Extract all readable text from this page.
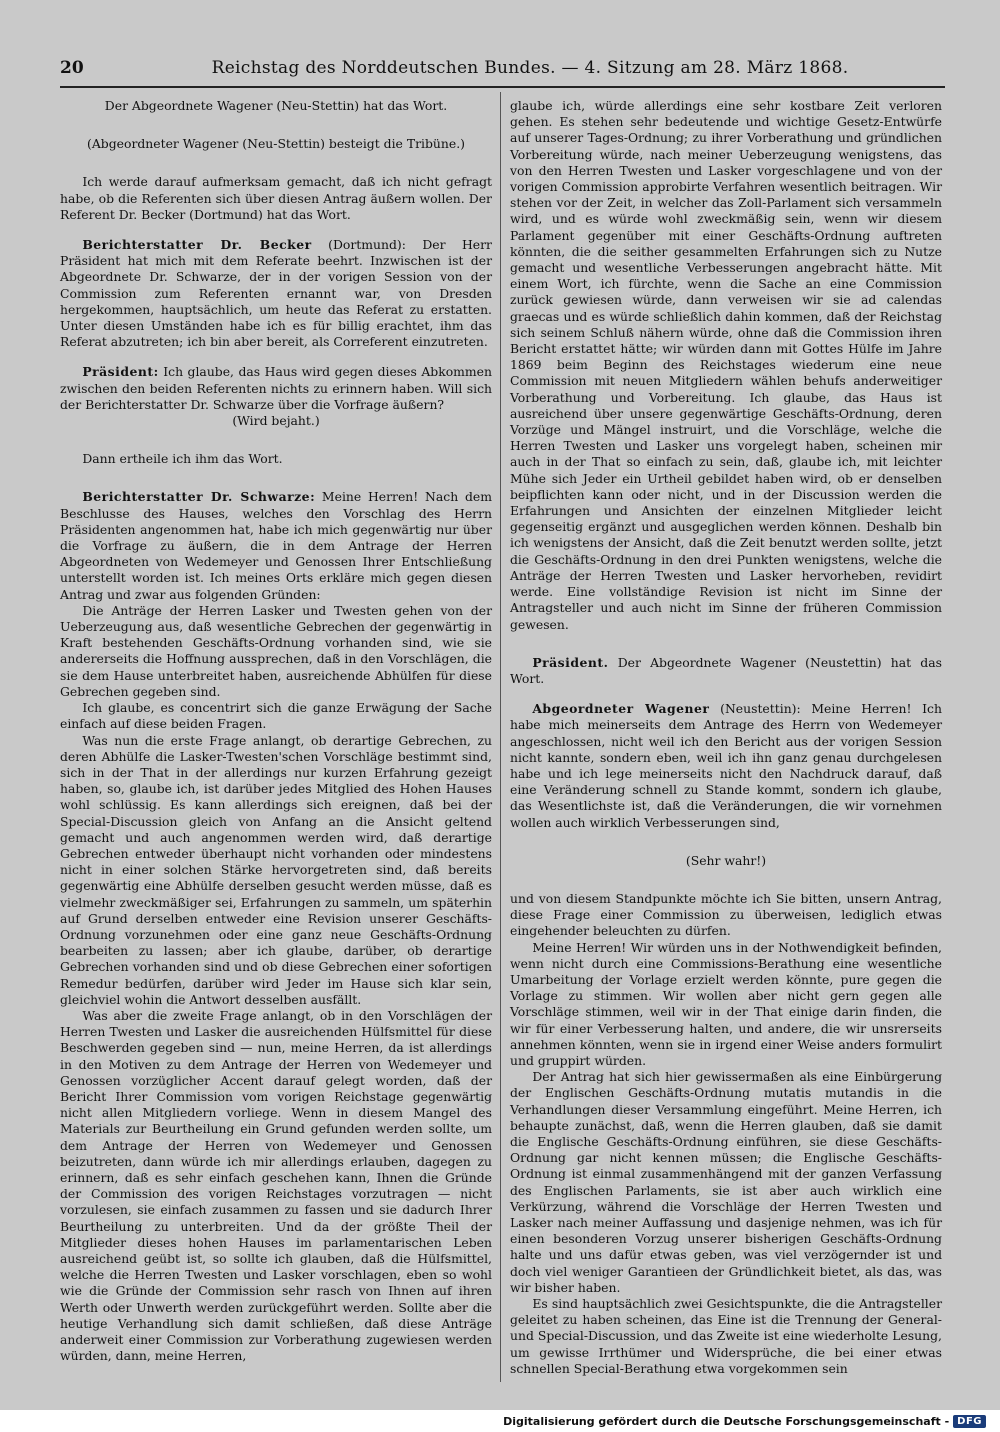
20	Reichstag des Norddeutschen Bundes. — 4. Sitzung am 28. März 1868.

Der Abgeordnete Wagener (Neu-Stettin) hat das Wort.

(Abgeordneter Wagener (Neu-Stettin) besteigt die Tribüne.)

Ich werde darauf aufmerksam gemacht, daß ich nicht gefragt habe, ob die Referenten sich über diesen Antrag äußern wollen. Der Referent Dr. Becker (Dortmund) hat das Wort.

Berichterstatter Dr. Becker (Dortmund): Der Herr Präsident hat mich mit dem Referate beehrt. Inzwischen ist der Abgeordnete Dr. Schwarze, der in der vorigen Session von der Commission zum Referenten ernannt war, von Dresden hergekommen, hauptsächlich, um heute das Referat zu erstatten. Unter diesen Umständen habe ich es für billig erachtet, ihm das Referat abzutreten; ich bin aber bereit, als Correferent einzutreten.

Präsident: Ich glaube, das Haus wird gegen dieses Abkommen zwischen den beiden Referenten nichts zu erinnern haben. Will sich der Berichterstatter Dr. Schwarze über die Vorfrage äußern?

(Wird bejaht.)

Dann ertheile ich ihm das Wort.

Berichterstatter Dr. Schwarze: Meine Herren! Nach dem Beschlusse des Hauses, welches den Vorschlag des Herrn Präsidenten angenommen hat, habe ich mich gegenwärtig nur über die Vorfrage zu äußern, die in dem Antrage der Herren Abgeordneten von Wedemeyer und Genossen Ihrer Entschließung unterstellt worden ist. Ich meines Orts erkläre mich gegen diesen Antrag und zwar aus folgenden Gründen:

Die Anträge der Herren Lasker und Twesten gehen von der Ueberzeugung aus, daß wesentliche Gebrechen der gegenwärtig in Kraft bestehenden Geschäfts-Ordnung vorhanden sind, wie sie andererseits die Hoffnung aussprechen, daß in den Vorschlägen, die sie dem Hause unterbreitet haben, ausreichende Abhülfen für diese Gebrechen gegeben sind.

Ich glaube, es concentrirt sich die ganze Erwägung der Sache einfach auf diese beiden Fragen.

Was nun die erste Frage anlangt, ob derartige Gebrechen, zu deren Abhülfe die Lasker-Twesten'schen Vorschläge bestimmt sind, sich in der That in der allerdings nur kurzen Erfahrung gezeigt haben, so, glaube ich, ist darüber jedes Mitglied des Hohen Hauses wohl schlüssig. Es kann allerdings sich ereignen, daß bei der Special-Discussion gleich von Anfang an die Ansicht geltend gemacht und auch angenommen werden wird, daß derartige Gebrechen entweder überhaupt nicht vorhanden oder mindestens nicht in einer solchen Stärke hervorgetreten sind, daß bereits gegenwärtig eine Abhülfe derselben gesucht werden müsse, daß es vielmehr zweckmäßiger sei, Erfahrungen zu sammeln, um späterhin auf Grund derselben entweder eine Revision unserer Geschäfts-Ordnung vorzunehmen oder eine ganz neue Geschäfts-Ordnung bearbeiten zu lassen; aber ich glaube, darüber, ob derartige Gebrechen vorhanden sind und ob diese Gebrechen einer sofortigen Remedur bedürfen, darüber wird Jeder im Hause sich klar sein, gleichviel wohin die Antwort desselben ausfällt.

Was aber die zweite Frage anlangt, ob in den Vorschlägen der Herren Twesten und Lasker die ausreichenden Hülfsmittel für diese Beschwerden gegeben sind — nun, meine Herren, da ist allerdings in den Motiven zu dem Antrage der Herren von Wedemeyer und Genossen vorzüglicher Accent darauf gelegt worden, daß der Bericht Ihrer Commission vom vorigen Reichstage gegenwärtig nicht allen Mitgliedern vorliege. Wenn in diesem Mangel des Materials zur Beurtheilung ein Grund gefunden werden sollte, um dem Antrage der Herren von Wedemeyer und Genossen beizutreten, dann würde ich mir allerdings erlauben, dagegen zu erinnern, daß es sehr einfach geschehen kann, Ihnen die Gründe der Commission des vorigen Reichstages vorzutragen — nicht vorzulesen, sie einfach zusammen zu fassen und sie dadurch Ihrer Beurtheilung zu unterbreiten. Und da der größte Theil der Mitglieder dieses hohen Hauses im parlamentarischen Leben ausreichend geübt ist, so sollte ich glauben, daß die Hülfsmittel, welche die Herren Twesten und Lasker vorschlagen, eben so wohl wie die Gründe der Commission sehr rasch von Ihnen auf ihren Werth oder Unwerth werden zurückgeführt werden. Sollte aber die heutige Verhandlung sich damit schließen, daß diese Anträge anderweit einer Commission zur Vorberathung zugewiesen werden würden, dann, meine Herren,

glaube ich, würde allerdings eine sehr kostbare Zeit verloren gehen. Es stehen sehr bedeutende und wichtige Gesetz-Entwürfe auf unserer Tages-Ordnung; zu ihrer Vorberathung und gründlichen Vorbereitung würde, nach meiner Ueberzeugung wenigstens, das von den Herren Twesten und Lasker vorgeschlagene und von der vorigen Commission approbirte Verfahren wesentlich beitragen. Wir stehen vor der Zeit, in welcher das Zoll-Parlament sich versammeln wird, und es würde wohl zweckmäßig sein, wenn wir diesem Parlament gegenüber mit einer Geschäfts-Ordnung auftreten könnten, die die seither gesammelten Erfahrungen sich zu Nutze gemacht und wesentliche Verbesserungen angebracht hätte. Mit einem Wort, ich fürchte, wenn die Sache an eine Commission zurück gewiesen würde, dann verweisen wir sie ad calendas graecas und es würde schließlich dahin kommen, daß der Reichstag sich seinem Schluß nähern würde, ohne daß die Commission ihren Bericht erstattet hätte; wir würden dann mit Gottes Hülfe im Jahre 1869 beim Beginn des Reichstages wiederum eine neue Commission mit neuen Mitgliedern wählen behufs anderweitiger Vorberathung und Vorbereitung. Ich glaube, das Haus ist ausreichend über unsere gegenwärtige Geschäfts-Ordnung, deren Vorzüge und Mängel instruirt, und die Vorschläge, welche die Herren Twesten und Lasker uns vorgelegt haben, scheinen mir auch in der That so einfach zu sein, daß, glaube ich, mit leichter Mühe sich Jeder ein Urtheil gebildet haben wird, ob er denselben beipflichten kann oder nicht, und in der Discussion werden die Erfahrungen und Ansichten der einzelnen Mitglieder leicht gegenseitig ergänzt und ausgeglichen werden können. Deshalb bin ich wenigstens der Ansicht, daß die Zeit benutzt werden sollte, jetzt die Geschäfts-Ordnung in den drei Punkten wenigstens, welche die Anträge der Herren Twesten und Lasker hervorheben, revidirt werde. Eine vollständige Revision ist nicht im Sinne der Antragsteller und auch nicht im Sinne der früheren Commission gewesen.

Präsident. Der Abgeordnete Wagener (Neustettin) hat das Wort.

Abgeordneter Wagener (Neustettin): Meine Herren! Ich habe mich meinerseits dem Antrage des Herrn von Wedemeyer angeschlossen, nicht weil ich den Bericht aus der vorigen Session nicht kannte, sondern eben, weil ich ihn ganz genau durchgelesen habe und ich lege meinerseits nicht den Nachdruck darauf, daß eine Veränderung schnell zu Stande kommt, sondern ich glaube, das Wesentlichste ist, daß die Veränderungen, die wir vornehmen wollen auch wirklich Verbesserungen sind,

(Sehr wahr!)

und von diesem Standpunkte möchte ich Sie bitten, unsern Antrag, diese Frage einer Commission zu überweisen, lediglich etwas eingehender beleuchten zu dürfen.

Meine Herren! Wir würden uns in der Nothwendigkeit befinden, wenn nicht durch eine Commissions-Berathung eine wesentliche Umarbeitung der Vorlage erzielt werden könnte, pure gegen die Vorlage zu stimmen. Wir wollen aber nicht gern gegen alle Vorschläge stimmen, weil wir in der That einige darin finden, die wir für einer Verbesserung halten, und andere, die wir unsrerseits annehmen könnten, wenn sie in irgend einer Weise anders formulirt und gruppirt würden.

Der Antrag hat sich hier gewissermaßen als eine Einbürgerung der Englischen Geschäfts-Ordnung mutatis mutandis in die Verhandlungen dieser Versammlung eingeführt. Meine Herren, ich behaupte zunächst, daß, wenn die Herren glauben, daß sie damit die Englische Geschäfts-Ordnung einführen, sie diese Geschäfts-Ordnung gar nicht kennen müssen; die Englische Geschäfts-Ordnung ist einmal zusammenhängend mit der ganzen Verfassung des Englischen Parlaments, sie ist aber auch wirklich eine Verkürzung, während die Vorschläge der Herren Twesten und Lasker nach meiner Auffassung und dasjenige nehmen, was ich für einen besonderen Vorzug unserer bisherigen Geschäfts-Ordnung halte und uns dafür etwas geben, was viel verzögernder ist und doch viel weniger Garantieen der Gründlichkeit bietet, als das, was wir bisher haben.

Es sind hauptsächlich zwei Gesichtspunkte, die die Antragsteller geleitet zu haben scheinen, das Eine ist die Trennung der General- und Special-Discussion, und das Zweite ist eine wiederholte Lesung, um gewisse Irrthümer und Widersprüche, die bei einer etwas schnellen Special-Berathung etwa vorgekommen sein

Digitalisierung gefördert durch die Deutsche Forschungsgemeinschaft - DFG
